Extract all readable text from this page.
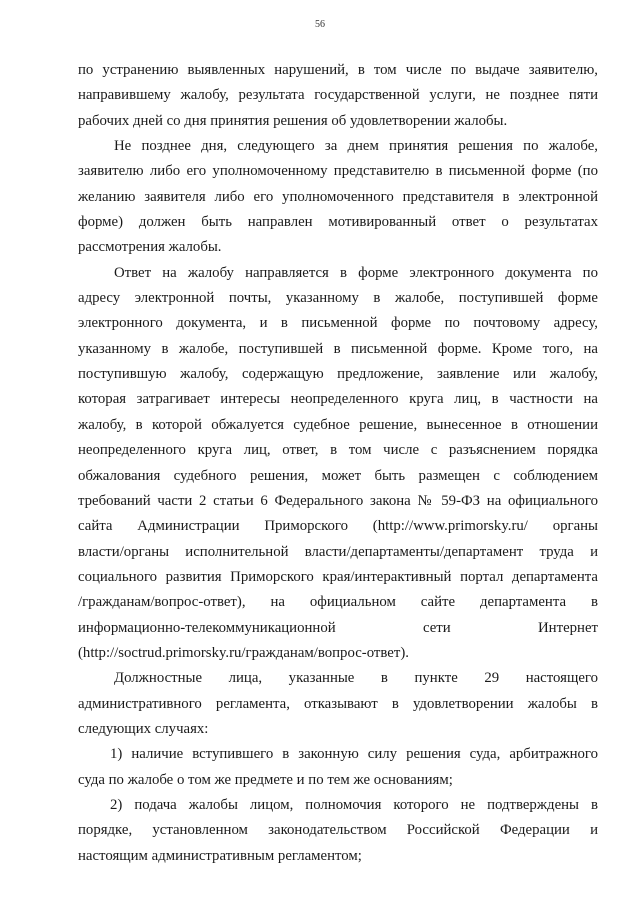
56
по устранению выявленных нарушений, в том числе по выдаче заявителю,
направившему жалобу, результата государственной услуги, не позднее пяти
рабочих дней со дня принятия решения об удовлетворении жалобы.
Не позднее дня, следующего за днем принятия решения по жалобе,
заявителю либо его уполномоченному представителю в письменной форме (по
желанию заявителя либо его уполномоченного представителя в электронной
форме) должен быть направлен мотивированный ответ о результатах
рассмотрения жалобы.
Ответ на жалобу направляется в форме электронного документа по
адресу электронной почты, указанному в жалобе, поступившей форме
электронного документа, и в письменной форме по почтовому адресу,
указанному в жалобе, поступившей в письменной форме. Кроме того, на
поступившую жалобу, содержащую предложение, заявление или жалобу,
которая затрагивает интересы неопределенного круга лиц, в частности на
жалобу, в которой обжалуется судебное решение, вынесенное в отношении
неопределенного круга лиц, ответ, в том числе с разъяснением порядка
обжалования судебного решения, может быть размещен с соблюдением
требований части 2 статьи 6 Федерального закона № 59-ФЗ на официального
сайта Администрации Приморского (http://www.primorsky.ru/ органы
власти/органы исполнительной власти/департаменты/департамент труда и
социального развития Приморского края/интерактивный портал департамента
/гражданам/вопрос-ответ), на официальном сайте департамента в
информационно-телекоммуникационной сети Интернет
(http://soctrud.primorsky.ru/гражданам/вопрос-ответ).
Должностные лица, указанные в пункте 29 настоящего
административного регламента, отказывают в удовлетворении жалобы в
следующих случаях:
1) наличие вступившего в законную силу решения суда, арбитражного
суда по жалобе о том же предмете и по тем же основаниям;
2) подача жалобы лицом, полномочия которого не подтверждены в
порядке, установленном законодательством Российской Федерации и
настоящим административным регламентом;
